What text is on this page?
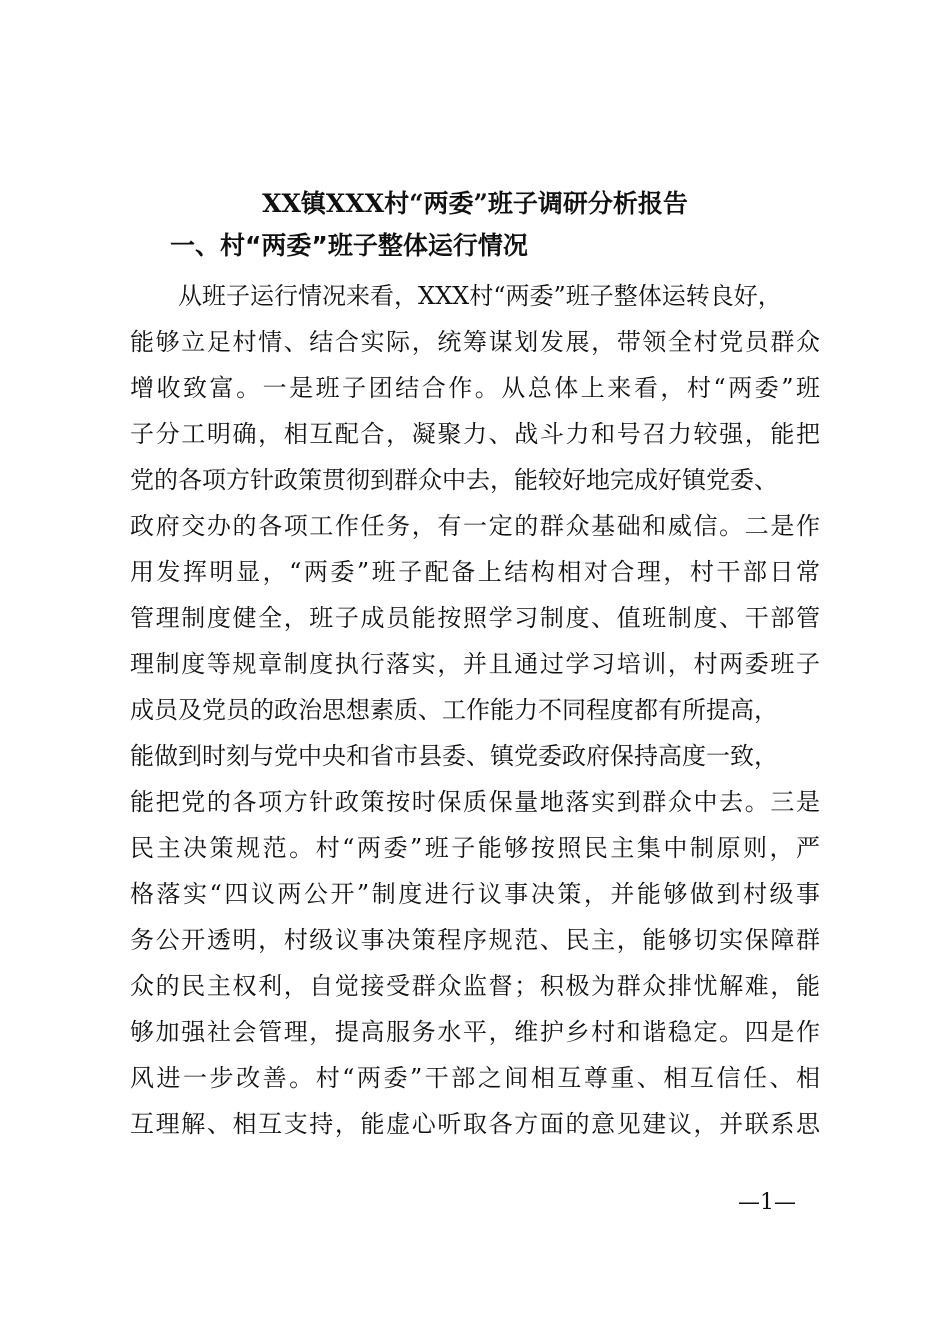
XX镇XXX村“两委”班子调研分析报告
一、村“两委”班子整体运行情况
从班子运行情况来看，XXX村“两委”班子整体运转良好，
能够立足村情、结合实际，统筹谋划发展，带领全村党员群众
增收致富。一是班子团结合作。从总体上来看，村“两委”班
子分工明确，相互配合，凝聚力、战斗力和号召力较强，能把
党的各项方针政策贯彻到群众中去，能较好地完成好镇党委、
政府交办的各项工作任务，有一定的群众基础和威信。二是作
用发挥明显，“两委”班子配备上结构相对合理，村干部日常
管理制度健全，班子成员能按照学习制度、值班制度、干部管
理制度等规章制度执行落实，并且通过学习培训，村两委班子
成员及党员的政治思想素质、工作能力不同程度都有所提高，
能做到时刻与党中央和省市县委、镇党委政府保持高度一致，
能把党的各项方针政策按时保质保量地落实到群众中去。三是
民主决策规范。村“两委”班子能够按照民主集中制原则，严
格落实“四议两公开”制度进行议事决策，并能够做到村级事
务公开透明，村级议事决策程序规范、民主，能够切实保障群
众的民主权利，自觉接受群众监督；积极为群众排忧解难，能
够加强社会管理，提高服务水平，维护乡村和谐稳定。四是作
风进一步改善。村“两委”干部之间相互尊重、相互信任、相
互理解、相互支持，能虚心听取各方面的意见建议，并联系思
—1—
